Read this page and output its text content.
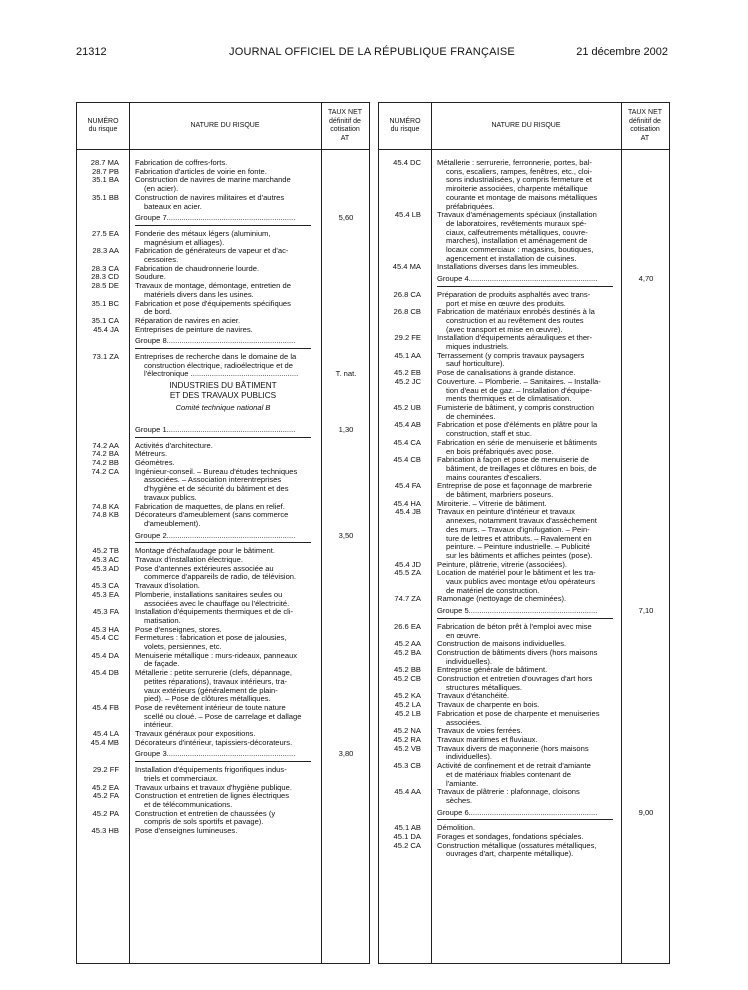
21312	JOURNAL OFFICIEL DE LA RÉPUBLIQUE FRANÇAISE	21 décembre 2002
NUMÉRO
du risque
NATURE DU RISQUE
TAUX NET
définitif de
cotisation
AT
28.7 MA Fabrication de coffres-forts.
28.7 PB Fabrication d'articles de voirie en fonte.
35.1 BA Construction de navires de marine marchande
(en acier).
35.1 BB Construction de navires militaires et d'autres
bateaux en acier.
Groupe 7.............................................................	5,60
27.5 EA Fonderie des métaux légers (aluminium,
magnésium et alliages).
28.3 AA Fabrication de générateurs de vapeur et d'ac-
cessoires.
28.3 CA Fabrication de chaudronnerie lourde.
28.3 CD Soudure.
28.5 DE Travaux de montage, démontage, entretien de
matériels divers dans les usines.
35.1 BC Fabrication et pose d'équipements spécifiques
de bord.
35.1 CA Réparation de navires en acier.
45.4 JA Entreprises de peinture de navires.
Groupe 8.............................................................
73.1 ZA Entreprises de recherche dans le domaine de la
construction électrique, radioélectrique et de
l'électronique ...................................................	T. nat.
INDUSTRIES DU BÂTIMENT
ET DES TRAVAUX PUBLICS
Comité technique national B
Groupe 1.............................................................	1,30
74.2 AA Activités d'architecture.
74.2 BA Métreurs.
74.2 BB Géomètres.
74.2 CA Ingénieur-conseil. – Bureau d'études techniques
associées. – Association interentreprises
d'hygiène et de sécurité du bâtiment et des
travaux publics.
74.8 KA Fabrication de maquettes, de plans en relief.
74.8 KB Décorateurs d'ameublement (sans commerce
d'ameublement).
Groupe 2.............................................................	3,50
45.2 TB Montage d'échafaudage pour le bâtiment.
45.3 AC Travaux d'installation électrique.
45.3 AD Pose d'antennes extérieures associée au
commerce d'appareils de radio, de télévision.
45.3 CA Travaux d'isolation.
45.3 EA Plomberie, installations sanitaires seules ou
associées avec le chauffage ou l'électricité.
45.3 FA Installation d'équipements thermiques et de cli-
matisation.
45.3 HA Pose d'enseignes, stores.
45.4 CC Fermetures : fabrication et pose de jalousies,
volets, persiennes, etc.
45.4 DA Menuiserie métallique : murs-rideaux, panneaux
de façade.
45.4 DB Métallerie : petite serrurerie (clefs, dépannage,
petites réparations), travaux intérieurs, tra-
vaux extérieurs (généralement de plain-
pied). – Pose de clôtures métalliques.
45.4 FB Pose de revêtement intérieur de toute nature
scellé ou cloué. – Pose de carrelage et dallage
intérieur.
45.4 LA Travaux généraux pour expositions.
45.4 MB Décorateurs d'intérieur, tapissiers-décorateurs.
Groupe 3.............................................................	3,80
29.2 FF Installation d'équipements frigorifiques indus-
triels et commerciaux.
45.2 EA Travaux urbains et travaux d'hygiène publique.
45.2 FA Construction et entretien de lignes électriques
et de télécommunications.
45.2 PA Construction et entretien de chaussées (y
compris de sols sportifs et pavage).
45.3 HB Pose d'enseignes lumineuses.
NUMÉRO
du risque
NATURE DU RISQUE
TAUX NET
définitif de
cotisation
AT
45.4 DC Métallerie : serrurerie, ferronnerie, portes, bal-
cons, escaliers, rampes, fenêtres, etc., cloi-
sons industrialisées, y compris fermeture et
miroiterie associées, charpente métallique
courante et montage de maisons métalliques
préfabriquées.
45.4 LB Travaux d'aménagements spéciaux (installation
de laboratoires, revêtements muraux spé-
ciaux, calfeutrements métalliques, couvre-
marches), installation et aménagement de
locaux commerciaux : magasins, boutiques,
agencement et installation de cuisines.
45.4 MA Installations diverses dans les immeubles.
Groupe 4.............................................................	4,70
26.8 CA Préparation de produits asphaltés avec trans-
port et mise en œuvre des produits.
26.8 CB Fabrication de matériaux enrobés destinés à la
construction et au revêtement des routes
(avec transport et mise en œuvre).
29.2 FE Installation d'équipements aérauliques et ther-
miques industriels.
45.1 AA Terrassement (y compris travaux paysagers
sauf horticulture).
45.2 EB Pose de canalisations à grande distance.
45.2 JC Couverture. – Plomberie. – Sanitaires. – Installa-
tion d'eau et de gaz. – Installation d'équipe-
ments thermiques et de climatisation.
45.2 UB Fumisterie de bâtiment, y compris construction
de cheminées.
45.4 AB Fabrication et pose d'éléments en plâtre pour la
construction, staff et stuc.
45.4 CA Fabrication en série de menuiserie et bâtiments
en bois préfabriqués avec pose.
45.4 CB Fabrication à façon et pose de menuiserie de
bâtiment, de treillages et clôtures en bois, de
mains courantes d'escaliers.
45.4 FA Entreprise de pose et façonnage de marbrerie
de bâtiment, marbriers poseurs.
45.4 HA Miroiterie. – Vitrerie de bâtiment.
45.4 JB Travaux en peinture d'intérieur et travaux
annexes, notamment travaux d'assèchement
des murs. – Travaux d'ignifugation. – Pein-
ture de lettres et attributs. – Ravalement en
peinture. – Peinture industrielle. – Publicité
sur les bâtiments et affiches peintes (pose).
45.4 JD Peinture, plâtrerie, vitrerie (associées).
45.5 ZA Location de matériel pour le bâtiment et les tra-
vaux publics avec montage et/ou opérateurs
de matériel de construction.
74.7 ZA Ramonage (nettoyage de cheminées).
Groupe 5.............................................................	7,10
26.6 EA Fabrication de béton prêt à l'emploi avec mise
en œuvre.
45.2 AA Construction de maisons individuelles.
45.2 BA Construction de bâtiments divers (hors maisons
individuelles).
45.2 BB Entreprise générale de bâtiment.
45.2 CB Construction et entretien d'ouvrages d'art hors
structures métalliques.
45.2 KA Travaux d'étanchéité.
45.2 LA Travaux de charpente en bois.
45.2 LB Fabrication et pose de charpente et menuiseries
associées.
45.2 NA Travaux de voies ferrées.
45.2 RA Travaux maritimes et fluviaux.
45.2 VB Travaux divers de maçonnerie (hors maisons
individuelles).
45.3 CB Activité de confinement et de retrait d'amiante
et de matériaux friables contenant de
l'amiante.
45.4 AA Travaux de plâtrerie : plafonnage, cloisons
sèches.
Groupe 6.............................................................	9,00
45.1 AB Démolition.
45.1 DA Forages et sondages, fondations spéciales.
45.2 CA Construction métallique (ossatures métalliques,
ouvrages d'art, charpente métallique).
